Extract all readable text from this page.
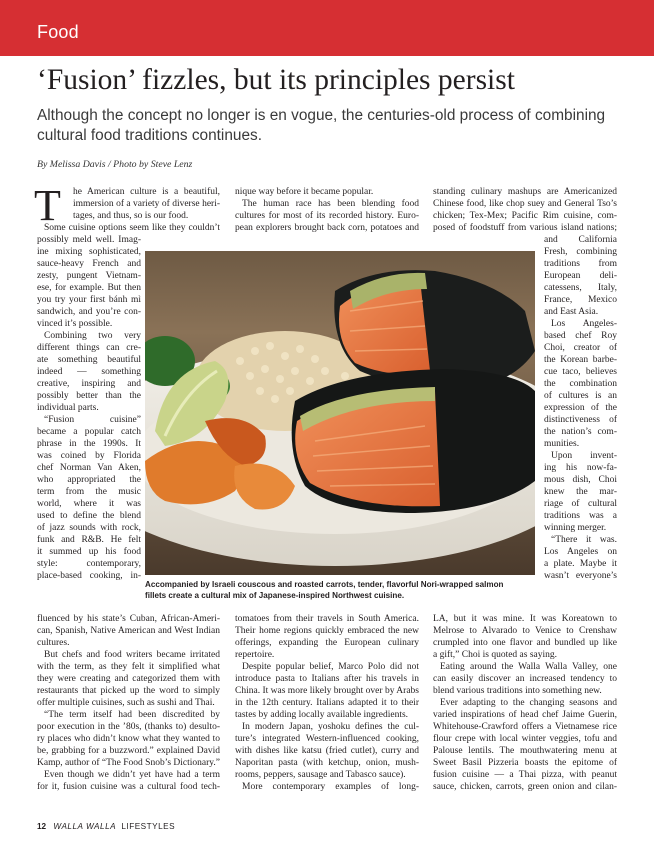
Food
‘Fusion’ fizzles, but its principles persist
Although the concept no longer is en vogue, the centuries-old process of combining cultural food traditions continues.
By Melissa Davis / Photo by Steve Lenz
T he American culture is a beautiful,
immersion of a variety of diverse heri-
tages, and thus, so is our food.
Some cuisine options seem like they couldn’t
possibly meld well. Imag-
ine mixing sophisticated,
sauce-heavy French and
zesty, pungent Vietnam-
ese, for example. But then
you try your first bánh mì
sandwich, and you’re con-
vinced it’s possible.
Combining two very
different things can cre-
ate something beautiful
indeed — something
creative, inspiring and
possibly better than the
individual parts.
“Fusion cuisine”
became a popular catch
phrase in the 1990s. It
was coined by Florida
chef Norman Van Aken,
who appropriated the
term from the music
world, where it was
used to define the blend
of jazz sounds with rock,
funk and R&B. He felt
it summed up his food
style: contemporary,
place-based cooking, in-
fluenced by his state’s Cuban, African-Ameri-
can, Spanish, Native American and West Indian
cultures.
But chefs and food writers became irritated
with the term, as they felt it simplified what
they were creating and categorized them with
restaurants that picked up the word to simply
offer multiple cuisines, such as sushi and Thai.
“The term itself had been discredited by
poor execution in the ’80s, (thanks to) desulto-
ry places who didn’t know what they wanted to
be, grabbing for a buzzword.” explained David
Kamp, author of “The Food Snob’s Dictionary.”
Even though we didn’t yet have had a term
for it, fusion cuisine was a cultural food tech-
nique way before it became popular.
The human race has been blending food
cultures for most of its recorded history. Euro-
pean explorers brought back corn, potatoes and
tomatoes from their travels in South America.
Their home regions quickly embraced the new
offerings, expanding the European culinary
repertoire.
Despite popular belief, Marco Polo did not
introduce pasta to Italians after his travels in
China. It was more likely brought over by Arabs
in the 12th century. Italians adapted it to their
tastes by adding locally available ingredients.
In modern Japan, yoshoku defines the cul-
ture’s integrated Western-influenced cooking,
with dishes like katsu (fried cutlet), curry and
Naporitan pasta (with ketchup, onion, mush-
rooms, peppers, sausage and Tabasco sauce).
More contemporary examples of long-
standing culinary mashups are Americanized
Chinese food, like chop suey and General Tso’s
chicken; Tex-Mex; Pacific Rim cuisine, com-
posed of foodstuff from various island nations;
and California
Fresh, combining
traditions from
European deli-
catessens, Italy,
France, Mexico
and East Asia.
Los Angeles-
based chef Roy
Choi, creator of
the Korean barbe-
cue taco, believes
the combination
of cultures is an
expression of the
distinctiveness of
the nation’s com-
munities.
Upon invent-
ing his now-fa-
mous dish, Choi
knew the mar-
riage of cultural
traditions was a
winning merger.
“There it was.
Los Angeles on
a plate. Maybe it
wasn’t everyone’s
LA, but it was mine. It was Koreatown to
Melrose to Alvarado to Venice to Crenshaw
crumpled into one flavor and bundled up like
a gift,” Choi is quoted as saying.
Eating around the Walla Walla Valley, one
can easily discover an increased tendency to
blend various traditions into something new.
Ever adapting to the changing seasons and
varied inspirations of head chef Jaime Guerin,
Whitehouse-Crawford offers a Vietnamese rice
flour crepe with local winter veggies, tofu and
Palouse lentils. The mouthwatering menu at
Sweet Basil Pizzeria boasts the epitome of
fusion cuisine — a Thai pizza, with peanut
sauce, chicken, carrots, green onion and cilan-
Accompanied by Israeli couscous and roasted carrots, tender, flavorful Nori-wrapped salmon fillets create a cultural mix of Japanese-inspired Northwest cuisine.
12 WALLA WALLA LIFESTYLES
